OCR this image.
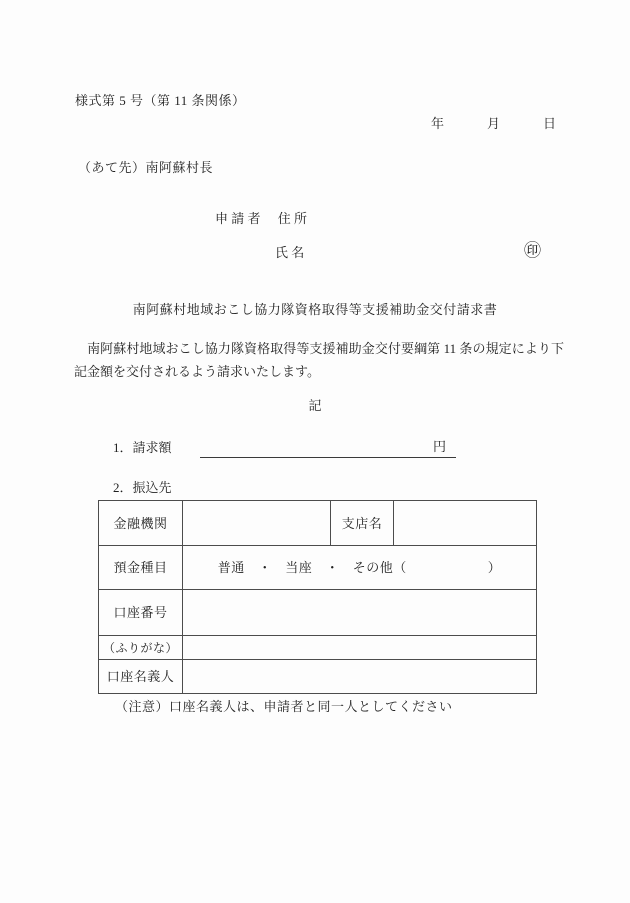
様式第 5 号（第 11 条関係）
年　　　月　　　日
（あて先）南阿蘇村長
申 請 者 住 所
氏 名	㊞
南阿蘇村地域おこし協力隊資格取得等支援補助金交付請求書

　南阿蘇村地域おこし協力隊資格取得等支援補助金交付要綱第 11 条の規定により下記金額を交付されるよう請求いたします。

記
1．請求額	円
2．振込先
金融機関		支店名	
預金種目	普通　・　当座　・　その他（　　　　　　）		
口座番号			
（ふりがな）			
口座名義人			
（注意）口座名義人は、申請者と同一人としてください
